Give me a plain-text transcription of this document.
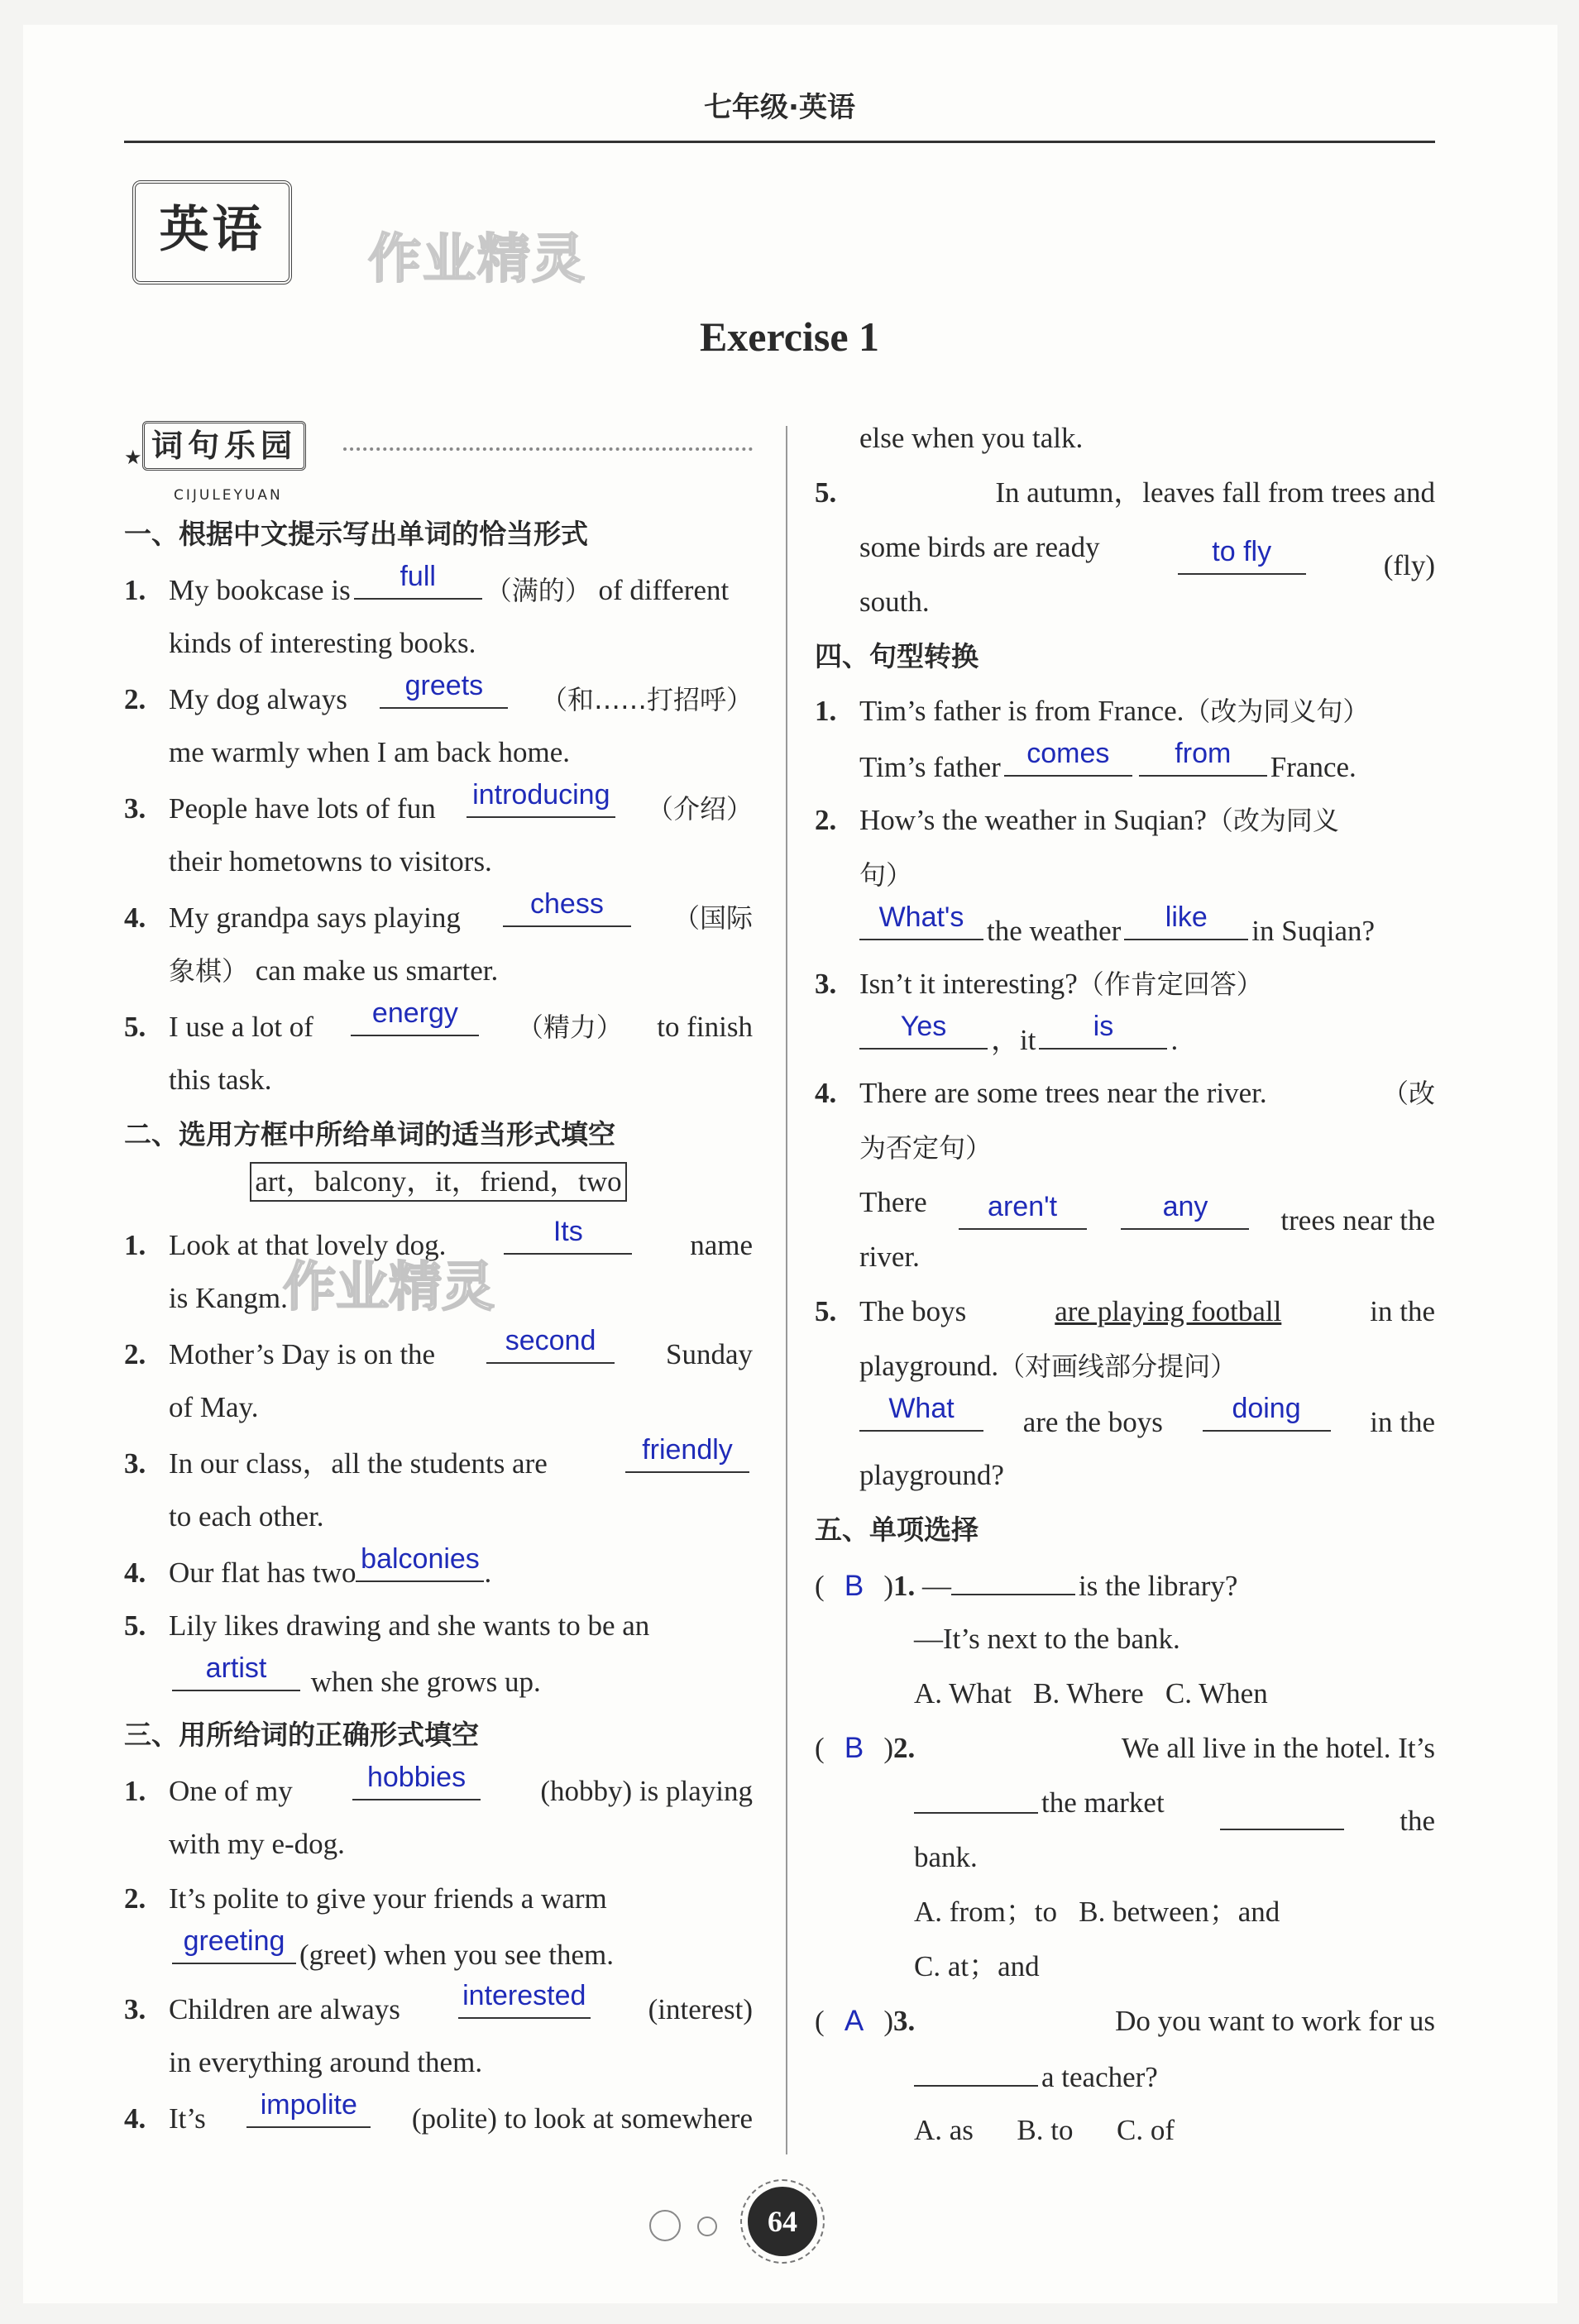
七年级·英语
英语	作业精灵
Exercise 1
★ 词句乐园
CIJULEYUAN
一、根据中文提示写出单词的恰当形式
1. My bookcase is	full	（满的） of different
kinds of interesting books.
2. My dog always	greets	（和……打招呼）
me warmly when I am back home.
3. People have lots of fun introducing （介绍）
their hometowns to visitors.
4. My grandpa says playing	chess	（国际
象棋） can make us smarter.
5. I use a lot of	energy	（精力） to finish
this task.
二、选用方框中所给单词的适当形式填空
art，balcony，it，friend，two
1. Look at that lovely dog.	Its	name
is Kangm.
2. Mother’s Day is on the	second	Sunday
of May.
3. In our class，all the students are	friendly
to each other.
4. Our flat has two balconies .
5. Lily likes drawing and she wants to be an
artist	when she grows up.
三、用所给词的正确形式填空
1. One of my	hobbies	(hobby) is playing
with my e-dog.
2. It’s polite to give your friends a warm
greeting (greet) when you see them.
3. Children are always interested (interest)
in everything around them.
4. It’s	impolite	(polite) to look at somewhere
作业精灵
else when you talk.
5.	In autumn，leaves fall from trees and
some birds are ready	to fly	(fly)
south.
四、句型转换
1. Tim’s father is from France. （改为同义句）
Tim’s father comes	from	France.
2. How’s the weather in Suqian? （改为同义
句）
What's the weather	like	in Suqian?
3. Isn’t it interesting? （作肯定回答）
Yes	，it	is	.
4. There are some trees near the river.	（改
为否定句）
There	aren't	any	trees near the
river.
5. The boys	are playing football	in the
playground. （对画线部分提问）
What	are the boys	doing	in the
playground?
五、单项选择
( B ) 1. —	is the library?
—It’s next to the bank.
A. What   B. Where   C. When
( B ) 2.	We all live in the hotel. It’s
the market
the
bank.
A. from；to   B. between；and
C. at；and
( A ) 3.	Do you want to work for us
a teacher?
A. as      B. to      C. of
64
